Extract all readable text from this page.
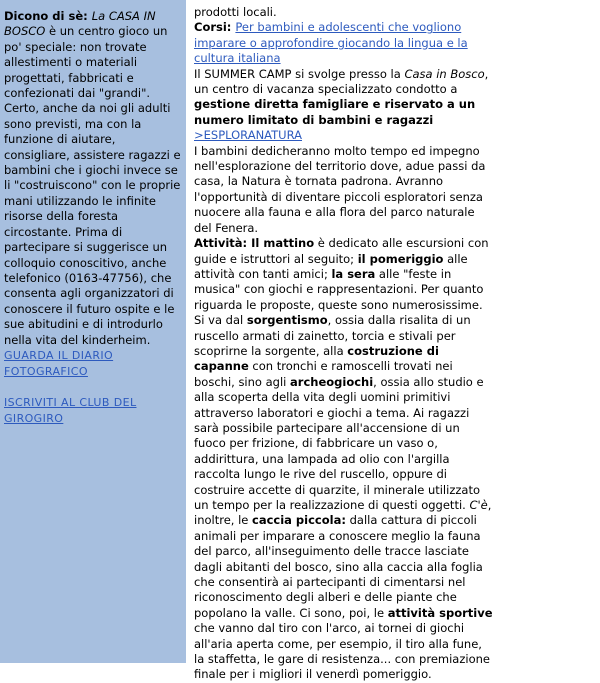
Dicono di sè: La CASA IN BOSCO è un centro gioco un po' speciale: non trovate allestimenti o materiali progettati, fabbricati e confezionati dai "grandi". Certo, anche da noi gli adulti sono previsti, ma con la funzione di aiutare, consigliare, assistere ragazzi e bambini che i giochi invece se li "costruiscono" con le proprie mani utilizzando le infinite risorse della foresta circostante. Prima di partecipare si suggerisce un colloquio conoscitivo, anche telefonico (0163-47756), che consenta agli organizzatori di conoscere il futuro ospite e le sue abitudini e di introdurlo nella vita del kinderheim.

GUARDA IL DIARIO FOTOGRAFICO
ISCRIVITI AL CLUB DEL GIROGIRO
prodotti locali.
Corsi: Per bambini e adolescenti che vogliono imparare o approfondire giocando la lingua e la cultura italiana
Il SUMMER CAMP si svolge presso la Casa in Bosco, un centro di vacanza specializzato condotto a gestione diretta famigliare e riservato a un numero limitato di bambini e ragazzi
>ESPLORANATURA
I bambini dedicheranno molto tempo ed impegno nell'esplorazione del territorio dove, adue passi da casa, la Natura è tornata padrona. Avranno l'opportunità di diventare piccoli esploratori senza nuocere alla fauna e alla flora del parco naturale del Fenera.
Attività: Il mattino è dedicato alle escursioni con guide e istruttori al seguito; il pomeriggio alle attività con tanti amici; la sera alle "feste in musica" con giochi e rappresentazioni. Per quanto riguarda le proposte, queste sono numerosissime. Si va dal sorgentismo, ossia dalla risalita di un ruscello armati di zainetto, torcia e stivali per scoprirne la sorgente, alla costruzione di capanne con tronchi e ramoscelli trovati nei boschi, sino agli archeogiochi, ossia allo studio e alla scoperta della vita degli uomini primitivi attraverso laboratori e giochi a tema. Ai ragazzi sarà possibile partecipare all'accensione di un fuoco per frizione, di fabbricare un vaso o, addirittura, una lampada ad olio con l'argilla raccolta lungo le rive del ruscello, oppure di costruire accette di quarzite, il minerale utilizzato un tempo per la realizzazione di questi oggetti. C'è, inoltre, le caccia piccola: dalla cattura di piccoli animali per imparare a conoscere meglio la fauna del parco, all'inseguimento delle tracce lasciate dagli abitanti del bosco, sino alla caccia alla foglia che consentirà ai partecipanti di cimentarsi nel riconoscimento degli alberi e delle piante che popolano la valle. Ci sono, poi, le attività sportive che vanno dal tiro con l'arco, ai tornei di giochi all'aria aperta come, per esempio, il tiro alla fune, la staffetta, le gare di resistenza... con premiazione finale per i migliori il venerdì pomeriggio.
